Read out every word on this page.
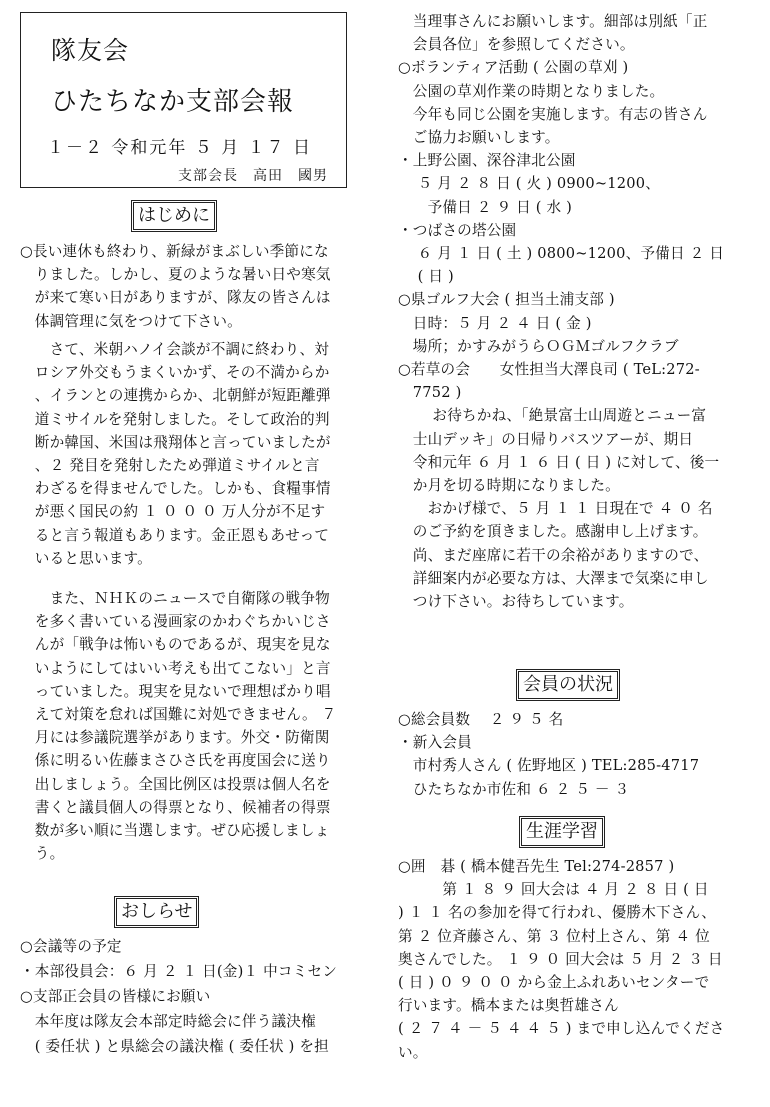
隊友会
ひたちなか支部会報
１－２ 令和元年 ５ 月 １７ 日
支部会長　高田　國男
はじめに
○長い連休も終わり、新緑がまぶしい季節にな
　りました。しかし、夏のような暑い日や寒気
　が来て寒い日がありますが、隊友の皆さんは
　体調管理に気をつけて下さい。
　　さて、米朝ハノイ会談が不調に終わり、対
　ロシア外交もうまくいかず、その不満からか
　、イランとの連携からか、北朝鮮が短距離弾
　道ミサイルを発射しました。そして政治的判
　断か韓国、米国は飛翔体と言っていましたが
　、２ 発目を発射したため弾道ミサイルと言
　わざるを得ませんでした。しかも、食糧事情
　が悪く国民の約 １ ０ ０ ０ 万人分が不足す
　ると言う報道もあります。金正恩もあせって
　いると思います。
　　また、ＮＨＫのニュースで自衛隊の戦争物
　を多く書いている漫画家のかわぐちかいじさ
　んが「戦争は怖いものであるが、現実を見な
　いようにしてはいい考えも出てこない」と言
　っていました。現実を見ないで理想ばかり唱
　えて対策を怠れば国難に対処できません。 ７
　月には参議院選挙があります。外交・防衛関
　係に明るい佐藤まさひさ氏を再度国会に送り
　出しましょう。全国比例区は投票は個人名を
　書くと議員個人の得票となり、候補者の得票
　数が多い順に当選します。ぜひ応援しましょ
　う。
おしらせ
○会議等の予定
・本部役員会：６ 月 ２ １ 日(金)１ 中コミセン
○支部正会員の皆様にお願い
　本年度は隊友会本部定時総会に伴う議決権
　( 委任状 ) と県総会の議決権 ( 委任状 ) を担
　当理事さんにお願いします。細部は別紙「正
　会員各位」を参照してください。
○ボランティア活動 ( 公園の草刈 )
　公園の草刈作業の時期となりました。
　今年も同じ公園を実施します。有志の皆さん
　ご協力お願いします。
・上野公園、深谷津北公園
　 ５ 月 ２ ８ 日 ( 火 ) 0900~1200、
　　予備日 ２ ９ 日 ( 水 )
・つばさの塔公園
　 ６ 月 １ 日 ( 土 ) 0800~1200、予備日 ２ 日
　 ( 日 )
○県ゴルフ大会 ( 担当土浦支部 )
　日時：５ 月 ２ ４ 日 ( 金 )
　場所；かすみがうらＯＧＭゴルフクラブ
○若草の会　　女性担当大澤良司 ( TeL:272-
　7752 )
　　 お待ちかね、「絶景富士山周遊とニュー富
　士山デッキ」の日帰りバスツアーが、期日
　令和元年 ６ 月 １ ６ 日 ( 日 ) に対して、後一
　か月を切る時期になりました。
　　おかげ様で、５ 月 １ １ 日現在で ４ ０ 名
　のご予約を頂きました。感謝申し上げます。
　尚、まだ座席に若干の余裕がありますので、
　詳細案内が必要な方は、大澤まで気楽に申し
　つけ下さい。お待ちしています。
会員の状況
○総会員数　 ２ ９ ５ 名
・新入会員
　市村秀人さん ( 佐野地区 ) TEL:285-4717
　ひたちなか市佐和 ６ ２ ５ － ３
生涯学習
○囲　碁 ( 橋本健吾先生 Tel:274-2857 )
　　　第 １ ８ ９ 回大会は ４ 月 ２ ８ 日 ( 日
) １ １ 名の参加を得て行われ、優勝木下さん、
第 ２ 位斉藤さん、第 ３ 位村上さん、第 ４ 位
奥さんでした。 １ ９ ０ 回大会は ５ 月 ２ ３ 日
( 日 ) ０ ９ ０ ０ から金上ふれあいセンターで
行います。橋本または奥哲雄さん
( ２ ７ ４ － ５ ４ ４ ５ ) まで申し込んでくださ
い。
